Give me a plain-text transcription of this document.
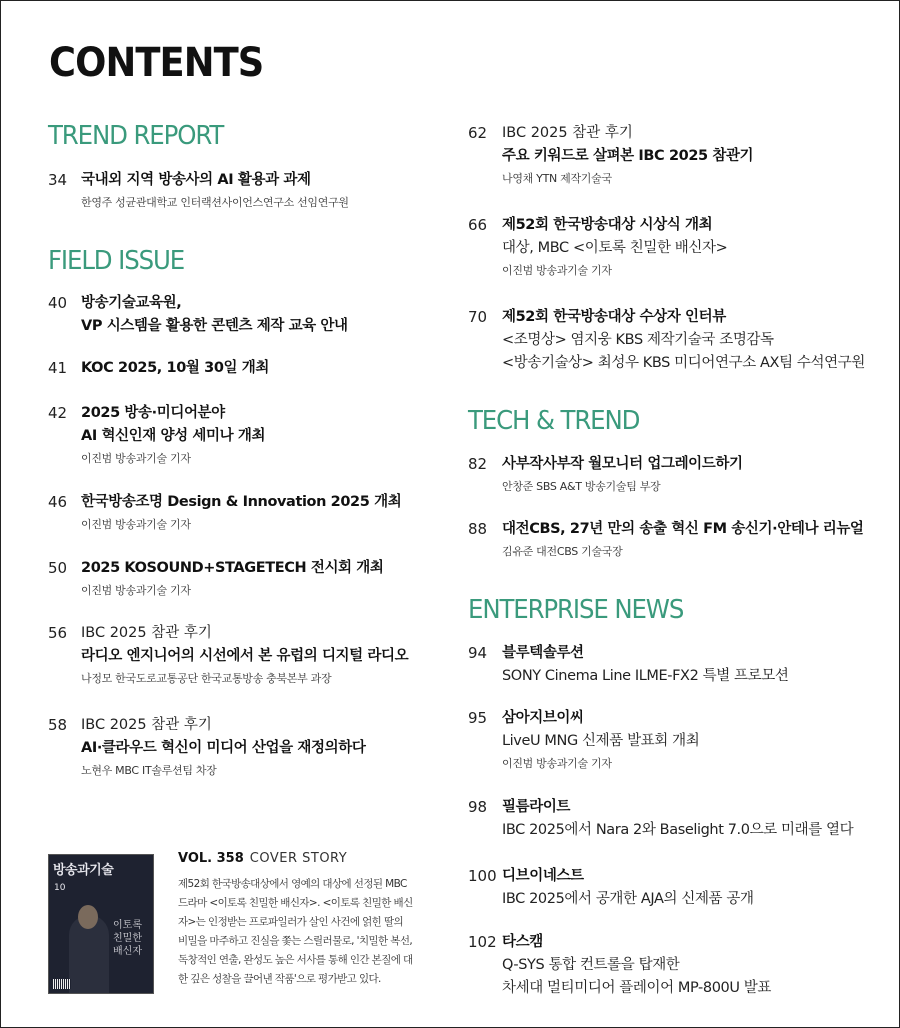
CONTENTS
TREND REPORT
34 국내외 지역 방송사의 AI 활용과 과제
한영주 성균관대학교 인터랙션사이언스연구소 선임연구원
FIELD ISSUE
40 방송기술교육원,
VP 시스템을 활용한 콘텐츠 제작 교육 안내
41 KOC 2025, 10월 30일 개최
42 2025 방송·미디어분야
AI 혁신인재 양성 세미나 개최
이진범 방송과기술 기자
46 한국방송조명 Design & Innovation 2025 개최
이진범 방송과기술 기자
50 2025 KOSOUND+STAGETECH 전시회 개최
이진범 방송과기술 기자
56 IBC 2025 참관 후기
라디오 엔지니어의 시선에서 본 유럽의 디지털 라디오
나정모 한국도로교통공단 한국교통방송 충북본부 과장
58 IBC 2025 참관 후기
AI·클라우드 혁신이 미디어 산업을 재정의하다
노현우 MBC IT솔루션팀 차장
62 IBC 2025 참관 후기
주요 키워드로 살펴본 IBC 2025 참관기
나영채 YTN 제작기술국
66 제52회 한국방송대상 시상식 개최
대상, MBC <이토록 친밀한 배신자>
이진범 방송과기술 기자
70 제52회 한국방송대상 수상자 인터뷰
<조명상> 염지웅 KBS 제작기술국 조명감독
<방송기술상> 최성우 KBS 미디어연구소 AX팀 수석연구원
TECH & TREND
82 사부작사부작 월모니터 업그레이드하기
안창준 SBS A&T 방송기술팀 부장
88 대전CBS, 27년 만의 송출 혁신 FM 송신기·안테나 리뉴얼
김유준 대전CBS 기술국장
ENTERPRISE NEWS
94 블루텍솔루션
SONY Cinema Line ILME-FX2 특별 프로모션
95 삼아지브이씨
LiveU MNG 신제품 발표회 개최
이진범 방송과기술 기자
98 필름라이트
IBC 2025에서 Nara 2와 Baselight 7.0으로 미래를 열다
100 디브이네스트
IBC 2025에서 공개한 AJA의 신제품 공개
102 타스캠
Q-SYS 통합 컨트롤을 탑재한
차세대 멀티미디어 플레이어 MP-800U 발표
방송과기술
10
이토록 친밀한 배신자
VOL. 358 COVER STORY
제52회 한국방송대상에서 영예의 대상에 선정된 MBC 드라마 <이토록 친밀한 배신자>. <이토록 친밀한 배신자>는 인정받는 프로파일러가 살인 사건에 얽힌 딸의 비밀을 마주하고 진실을 쫓는 스릴러물로, '치밀한 복선, 독창적인 연출, 완성도 높은 서사를 통해 인간 본질에 대한 깊은 성찰을 끌어낸 작품'으로 평가받고 있다.
